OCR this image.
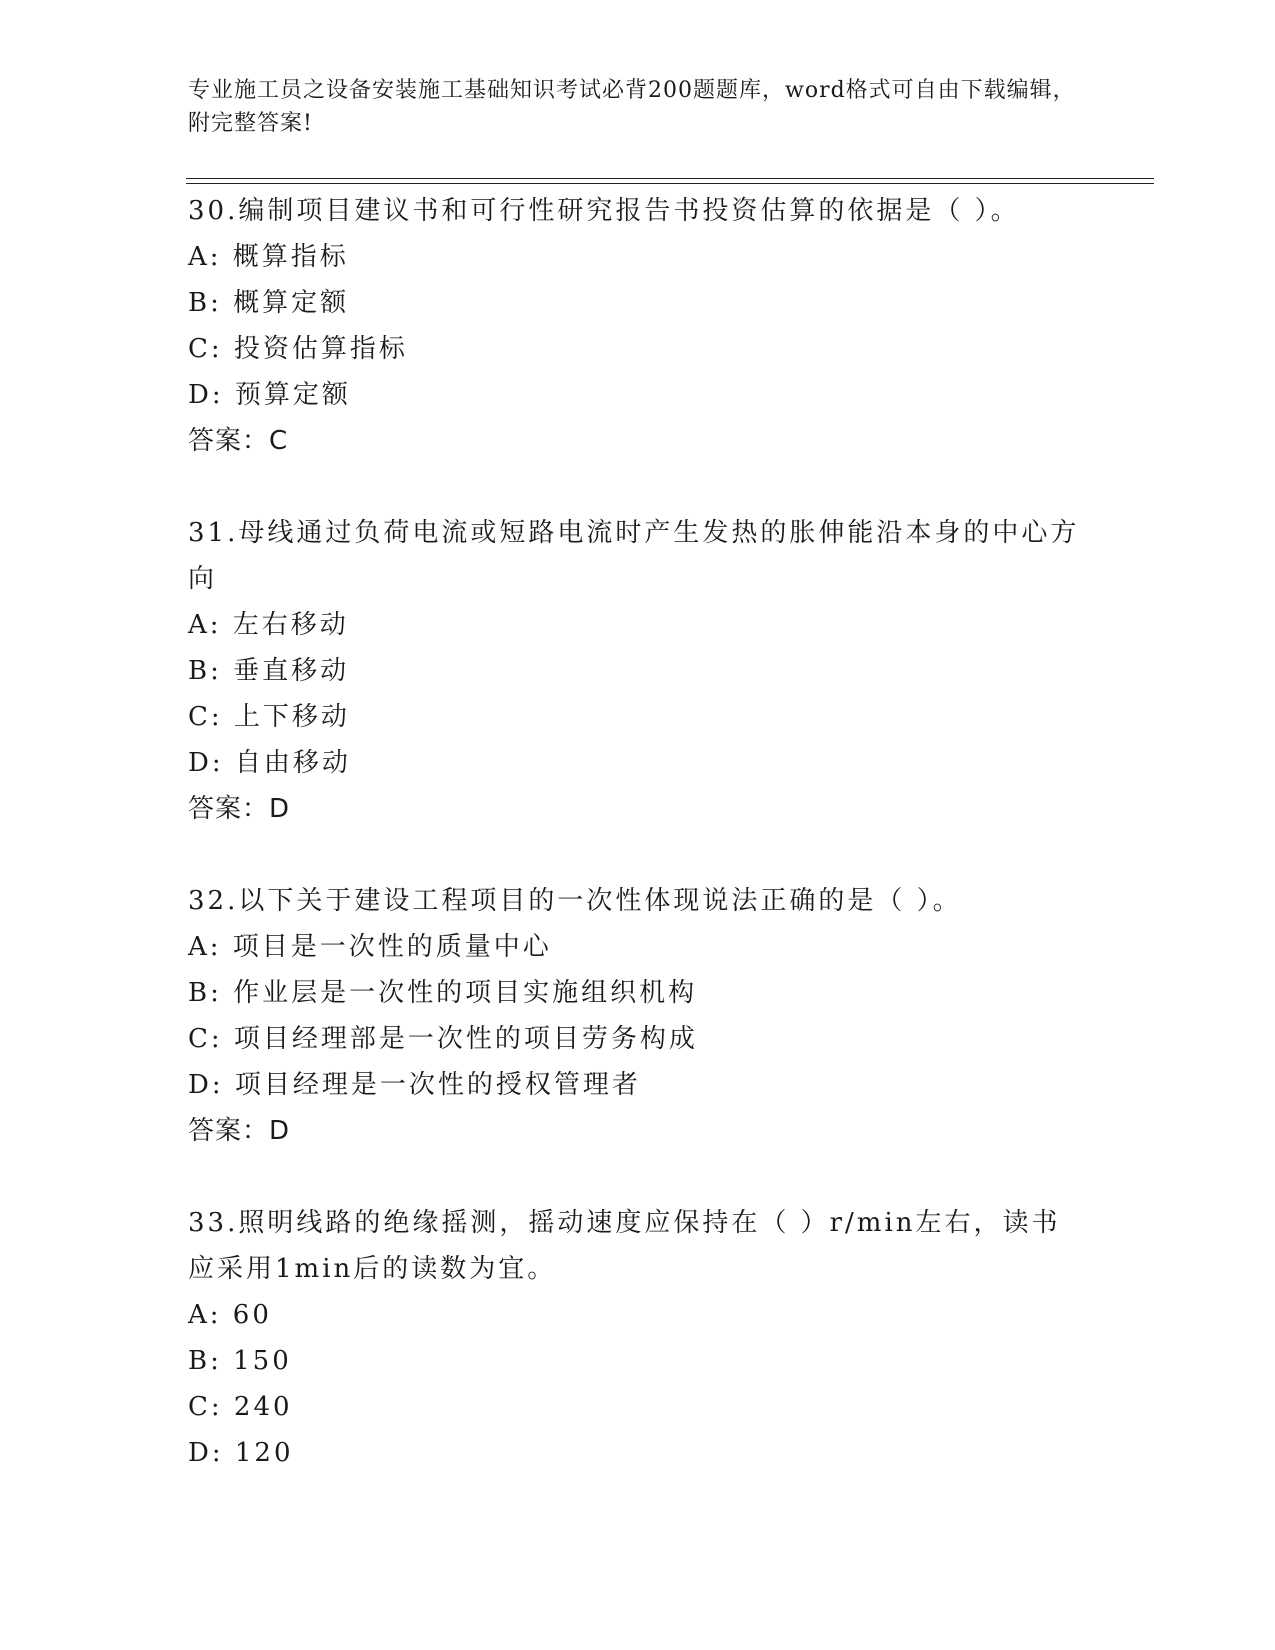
专业施工员之设备安装施工基础知识考试必背200题题库，word格式可自由下载编辑，附完整答案!

30.编制项目建议书和可行性研究报告书投资估算的依据是（ ）。

A: 概算指标

B: 概算定额

C: 投资估算指标

D: 预算定额

答案：C

31.母线通过负荷电流或短路电流时产生发热的胀伸能沿本身的中心方向

A: 左右移动

B: 垂直移动

C: 上下移动

D: 自由移动

答案：D

32.以下关于建设工程项目的一次性体现说法正确的是（ ）。

A: 项目是一次性的质量中心

B: 作业层是一次性的项目实施组织机构

C: 项目经理部是一次性的项目劳务构成

D: 项目经理是一次性的授权管理者

答案：D

33.照明线路的绝缘摇测，摇动速度应保持在（ ）r/min左右，读书应采用1min后的读数为宜。

A: 60

B: 150

C: 240

D: 120
